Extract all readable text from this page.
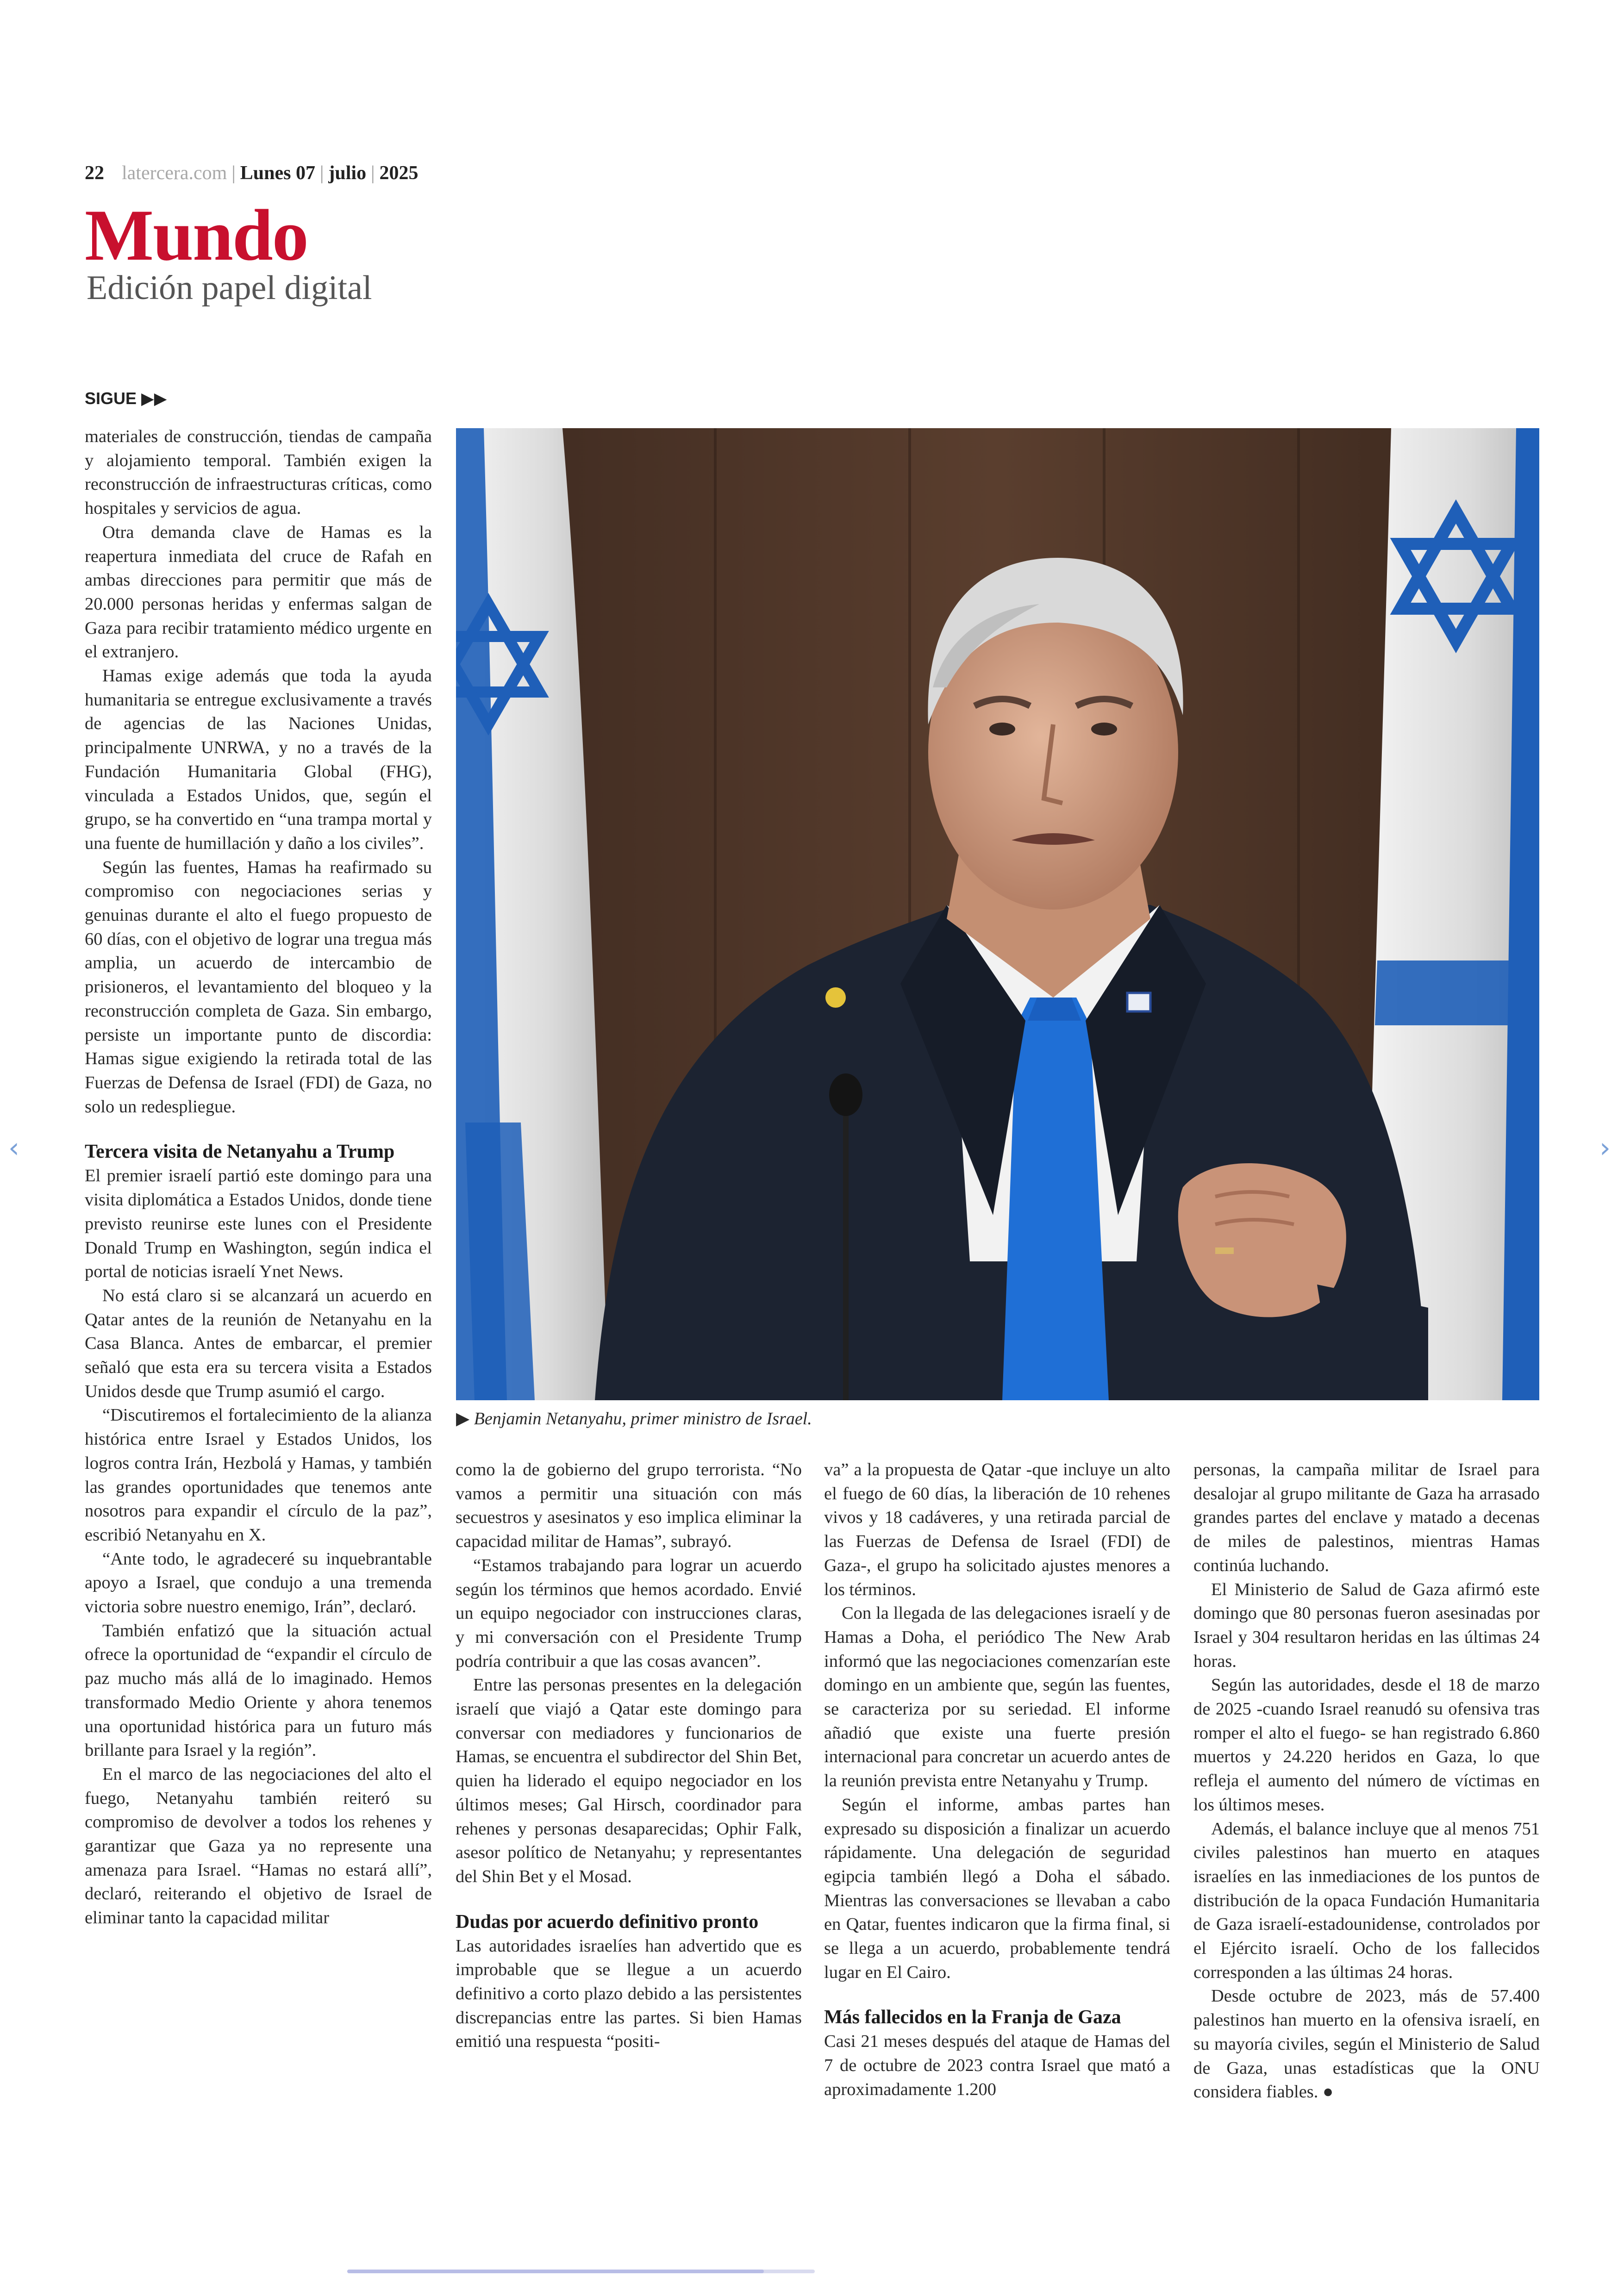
22 latercera.com | Lunes 07 | julio | 2025
Mundo
Edición papel digital
SIGUE ▶▶

materiales de construcción, tiendas de campaña y alojamiento temporal. También exigen la reconstrucción de infraestructuras críticas, como hospitales y servicios de agua.

Otra demanda clave de Hamas es la reapertura inmediata del cruce de Rafah en ambas direcciones para permitir que más de 20.000 personas heridas y enfermas salgan de Gaza para recibir tratamiento médico urgente en el extranjero.

Hamas exige además que toda la ayuda humanitaria se entregue exclusivamente a través de agencias de las Naciones Unidas, principalmente UNRWA, y no a través de la Fundación Humanitaria Global (FHG), vinculada a Estados Unidos, que, según el grupo, se ha convertido en “una trampa mortal y una fuente de humillación y daño a los civiles”.

Según las fuentes, Hamas ha reafirmado su compromiso con negociaciones serias y genuinas durante el alto el fuego propuesto de 60 días, con el objetivo de lograr una tregua más amplia, un acuerdo de intercambio de prisioneros, el levantamiento del bloqueo y la reconstrucción completa de Gaza. Sin embargo, persiste un importante punto de discordia: Hamas sigue exigiendo la retirada total de las Fuerzas de Defensa de Israel (FDI) de Gaza, no solo un redespliegue.

Tercera visita de Netanyahu a Trump

El premier israelí partió este domingo para una visita diplomática a Estados Unidos, donde tiene previsto reunirse este lunes con el Presidente Donald Trump en Washington, según indica el portal de noticias israelí Ynet News.

No está claro si se alcanzará un acuerdo en Qatar antes de la reunión de Netanyahu en la Casa Blanca. Antes de embarcar, el premier señaló que esta era su tercera visita a Estados Unidos desde que Trump asumió el cargo.

“Discutiremos el fortalecimiento de la alianza histórica entre Israel y Estados Unidos, los logros contra Irán, Hezbolá y Hamas, y también las grandes oportunidades que tenemos ante nosotros para expandir el círculo de la paz”, escribió Netanyahu en X.

“Ante todo, le agradeceré su inquebrantable apoyo a Israel, que condujo a una tremenda victoria sobre nuestro enemigo, Irán”, declaró.

También enfatizó que la situación actual ofrece la oportunidad de “expandir el círculo de paz mucho más allá de lo imaginado. Hemos transformado Medio Oriente y ahora tenemos una oportunidad histórica para un futuro más brillante para Israel y la región”.

En el marco de las negociaciones del alto el fuego, Netanyahu también reiteró su compromiso de devolver a todos los rehenes y garantizar que Gaza ya no represente una amenaza para Israel. “Hamas no estará allí”, declaró, reiterando el objetivo de Israel de eliminar tanto la capacidad militar

▶ Benjamin Netanyahu, primer ministro de Israel.

como la de gobierno del grupo terrorista. “No vamos a permitir una situación con más secuestros y asesinatos y eso implica eliminar la capacidad militar de Hamas”, subrayó.

“Estamos trabajando para lograr un acuerdo según los términos que hemos acordado. Envié un equipo negociador con instrucciones claras, y mi conversación con el Presidente Trump podría contribuir a que las cosas avancen”.

Entre las personas presentes en la delegación israelí que viajó a Qatar este domingo para conversar con mediadores y funcionarios de Hamas, se encuentra el subdirector del Shin Bet, quien ha liderado el equipo negociador en los últimos meses; Gal Hirsch, coordinador para rehenes y personas desaparecidas; Ophir Falk, asesor político de Netanyahu; y representantes del Shin Bet y el Mosad.

Dudas por acuerdo definitivo pronto

Las autoridades israelíes han advertido que es improbable que se llegue a un acuerdo definitivo a corto plazo debido a las persistentes discrepancias entre las partes. Si bien Hamas emitió una respuesta “positi-

va” a la propuesta de Qatar -que incluye un alto el fuego de 60 días, la liberación de 10 rehenes vivos y 18 cadáveres, y una retirada parcial de las Fuerzas de Defensa de Israel (FDI) de Gaza-, el grupo ha solicitado ajustes menores a los términos.

Con la llegada de las delegaciones israelí y de Hamas a Doha, el periódico The New Arab informó que las negociaciones comenzarían este domingo en un ambiente que, según las fuentes, se caracteriza por su seriedad. El informe añadió que existe una fuerte presión internacional para concretar un acuerdo antes de la reunión prevista entre Netanyahu y Trump.

Según el informe, ambas partes han expresado su disposición a finalizar un acuerdo rápidamente. Una delegación de seguridad egipcia también llegó a Doha el sábado. Mientras las conversaciones se llevaban a cabo en Qatar, fuentes indicaron que la firma final, si se llega a un acuerdo, probablemente tendrá lugar en El Cairo.

Más fallecidos en la Franja de Gaza

Casi 21 meses después del ataque de Hamas del 7 de octubre de 2023 contra Israel que mató a aproximadamente 1.200

personas, la campaña militar de Israel para desalojar al grupo militante de Gaza ha arrasado grandes partes del enclave y matado a decenas de miles de palestinos, mientras Hamas continúa luchando.

El Ministerio de Salud de Gaza afirmó este domingo que 80 personas fueron asesinadas por Israel y 304 resultaron heridas en las últimas 24 horas.

Según las autoridades, desde el 18 de marzo de 2025 -cuando Israel reanudó su ofensiva tras romper el alto el fuego- se han registrado 6.860 muertos y 24.220 heridos en Gaza, lo que refleja el aumento del número de víctimas en los últimos meses.

Además, el balance incluye que al menos 751 civiles palestinos han muerto en ataques israelíes en las inmediaciones de los puntos de distribución de la opaca Fundación Humanitaria de Gaza israelí-estadounidense, controlados por el Ejército israelí. Ocho de los fallecidos corresponden a las últimas 24 horas.

Desde octubre de 2023, más de 57.400 palestinos han muerto en la ofensiva israelí, en su mayoría civiles, según el Ministerio de Salud de Gaza, unas estadísticas que la ONU considera fiables. ●

‹	›
